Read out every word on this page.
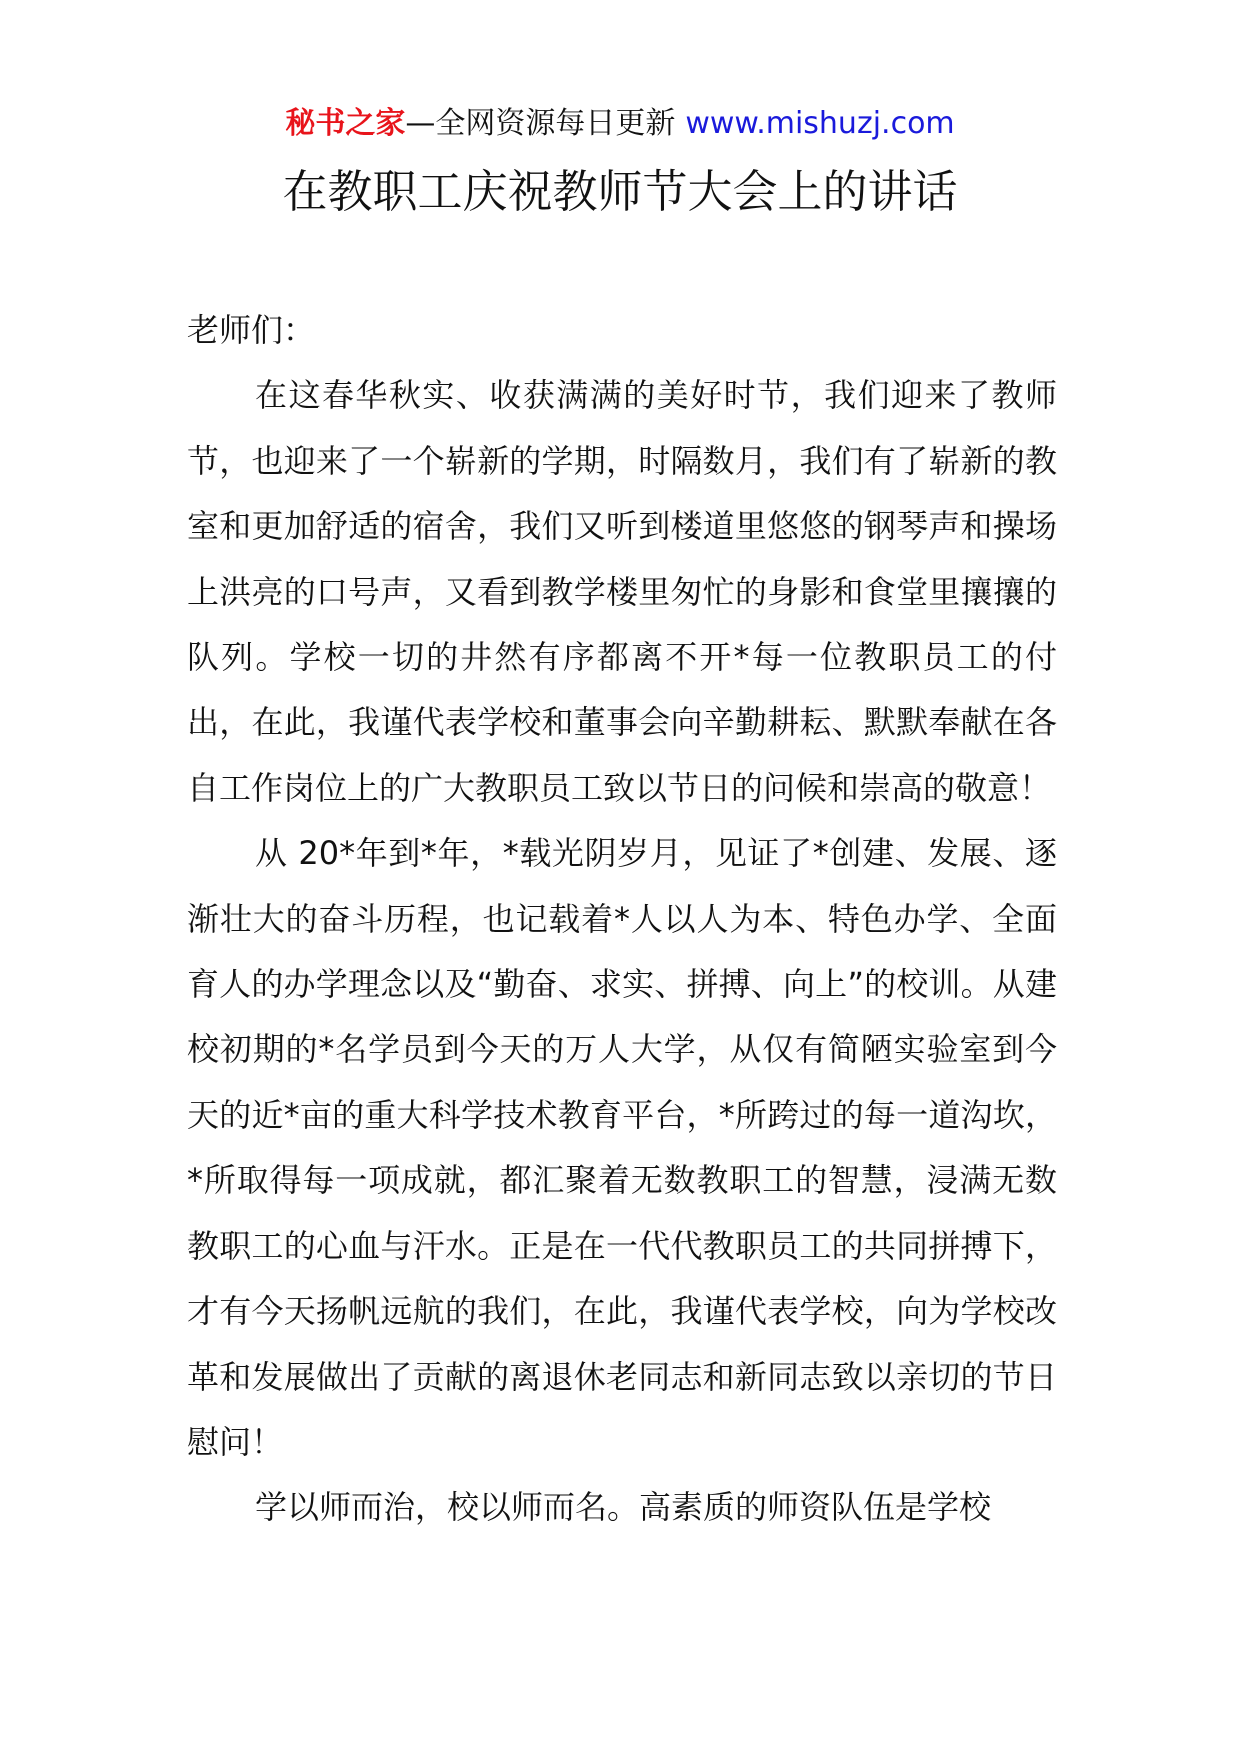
秘书之家—全网资源每日更新 www.mishuzj.com
在教职工庆祝教师节大会上的讲话

老师们：

在这春华秋实、收获满满的美好时节，我们迎来了教师节，也迎来了一个崭新的学期，时隔数月，我们有了崭新的教室和更加舒适的宿舍，我们又听到楼道里悠悠的钢琴声和操场上洪亮的口号声，又看到教学楼里匆忙的身影和食堂里攘攘的队列。学校一切的井然有序都离不开*每一位教职员工的付出，在此，我谨代表学校和董事会向辛勤耕耘、默默奉献在各自工作岗位上的广大教职员工致以节日的问候和崇高的敬意！

从 20*年到*年，*载光阴岁月，见证了*创建、发展、逐渐壮大的奋斗历程，也记载着*人以人为本、特色办学、全面育人的办学理念以及“勤奋、求实、拼搏、向上”的校训。从建校初期的*名学员到今天的万人大学，从仅有简陋实验室到今天的近*亩的重大科学技术教育平台，*所跨过的每一道沟坎，*所取得每一项成就，都汇聚着无数教职工的智慧，浸满无数教职工的心血与汗水。正是在一代代教职员工的共同拼搏下，才有今天扬帆远航的我们，在此，我谨代表学校，向为学校改革和发展做出了贡献的离退休老同志和新同志致以亲切的节日慰问！

学以师而治，校以师而名。高素质的师资队伍是学校
